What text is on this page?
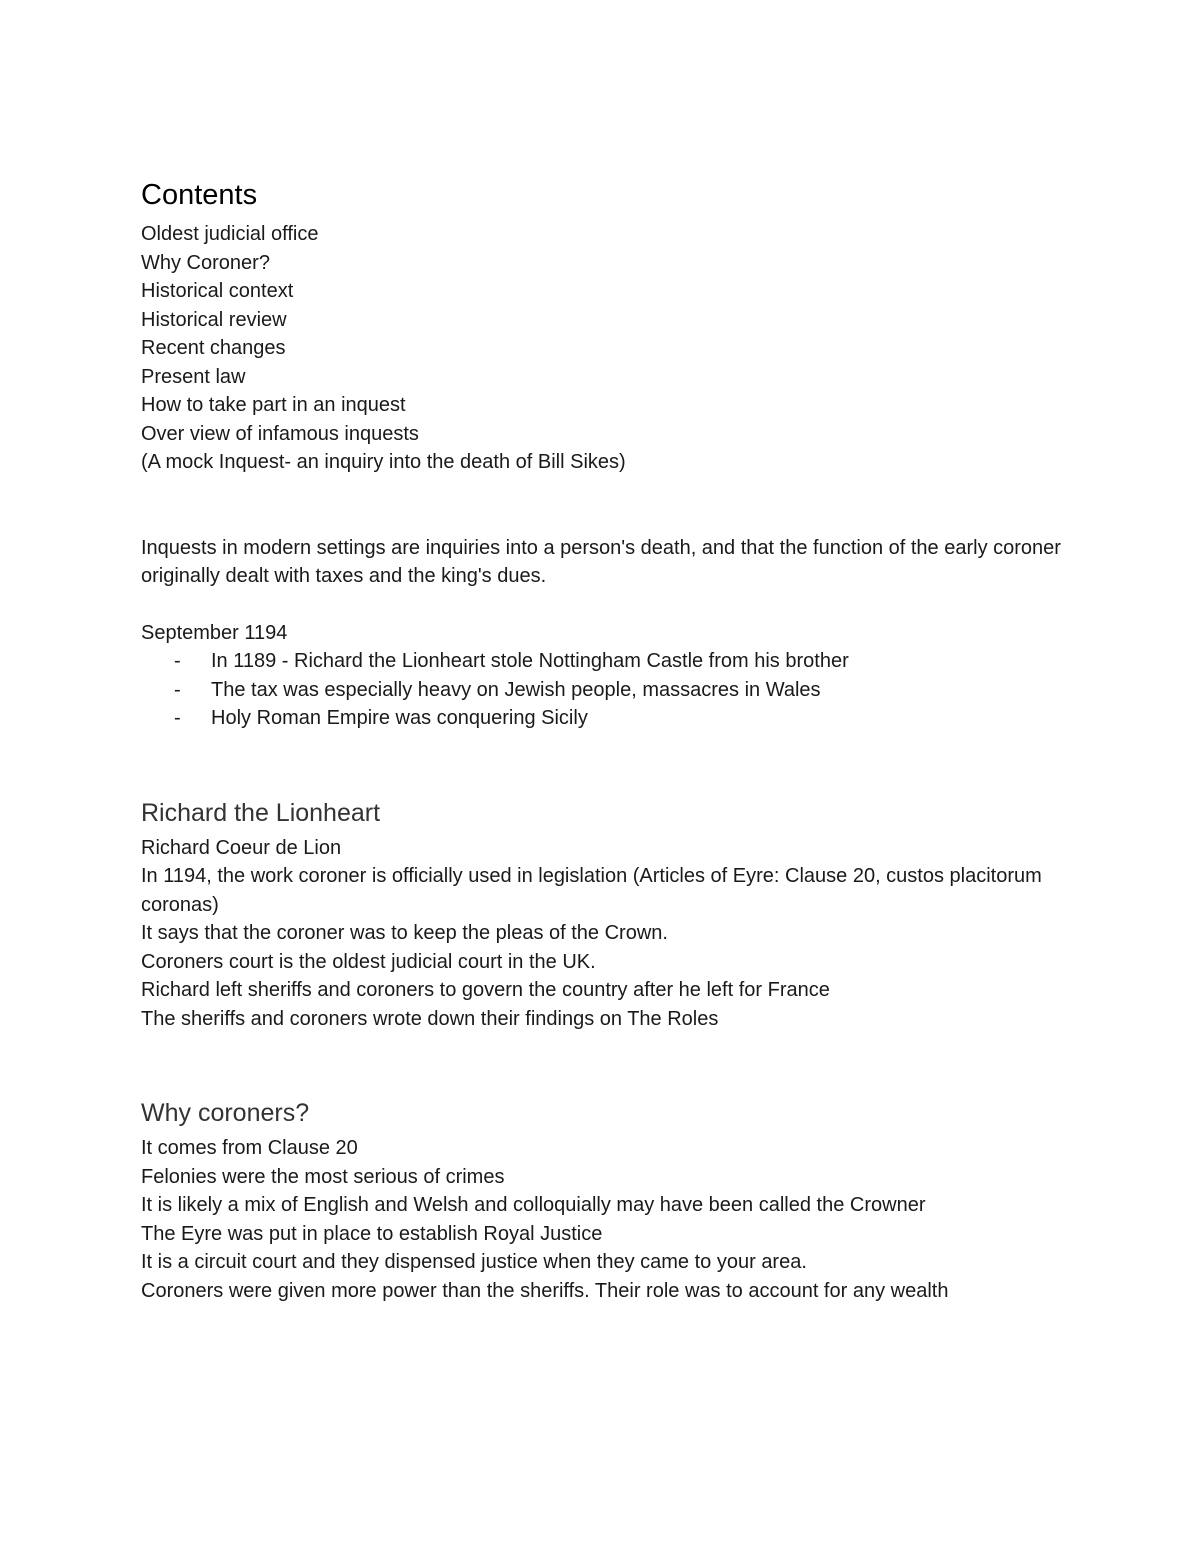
Contents

Oldest judicial office

Why Coroner?

Historical context

Historical review

Recent changes

Present law

How to take part in an inquest

Over view of infamous inquests

(A mock Inquest- an inquiry into the death of Bill Sikes)

Inquests in modern settings are inquiries into a person's death, and that the function of the early coroner originally dealt with taxes and the king's dues.

September 1194

- In 1189 - Richard the Lionheart stole Nottingham Castle from his brother
- The tax was especially heavy on Jewish people, massacres in Wales
- Holy Roman Empire was conquering Sicily
Richard the Lionheart

Richard Coeur de Lion

In 1194, the work coroner is officially used in legislation (Articles of Eyre: Clause 20, custos placitorum coronas)

It says that the coroner was to keep the pleas of the Crown.

Coroners court is the oldest judicial court in the UK.

Richard left sheriffs and coroners to govern the country after he left for France

The sheriffs and coroners wrote down their findings on The Roles

Why coroners?

It comes from Clause 20

Felonies were the most serious of crimes

It is likely a mix of English and Welsh and colloquially may have been called the Crowner

The Eyre was put in place to establish Royal Justice

It is a circuit court and they dispensed justice when they came to your area.

Coroners were given more power than the sheriffs. Their role was to account for any wealth
